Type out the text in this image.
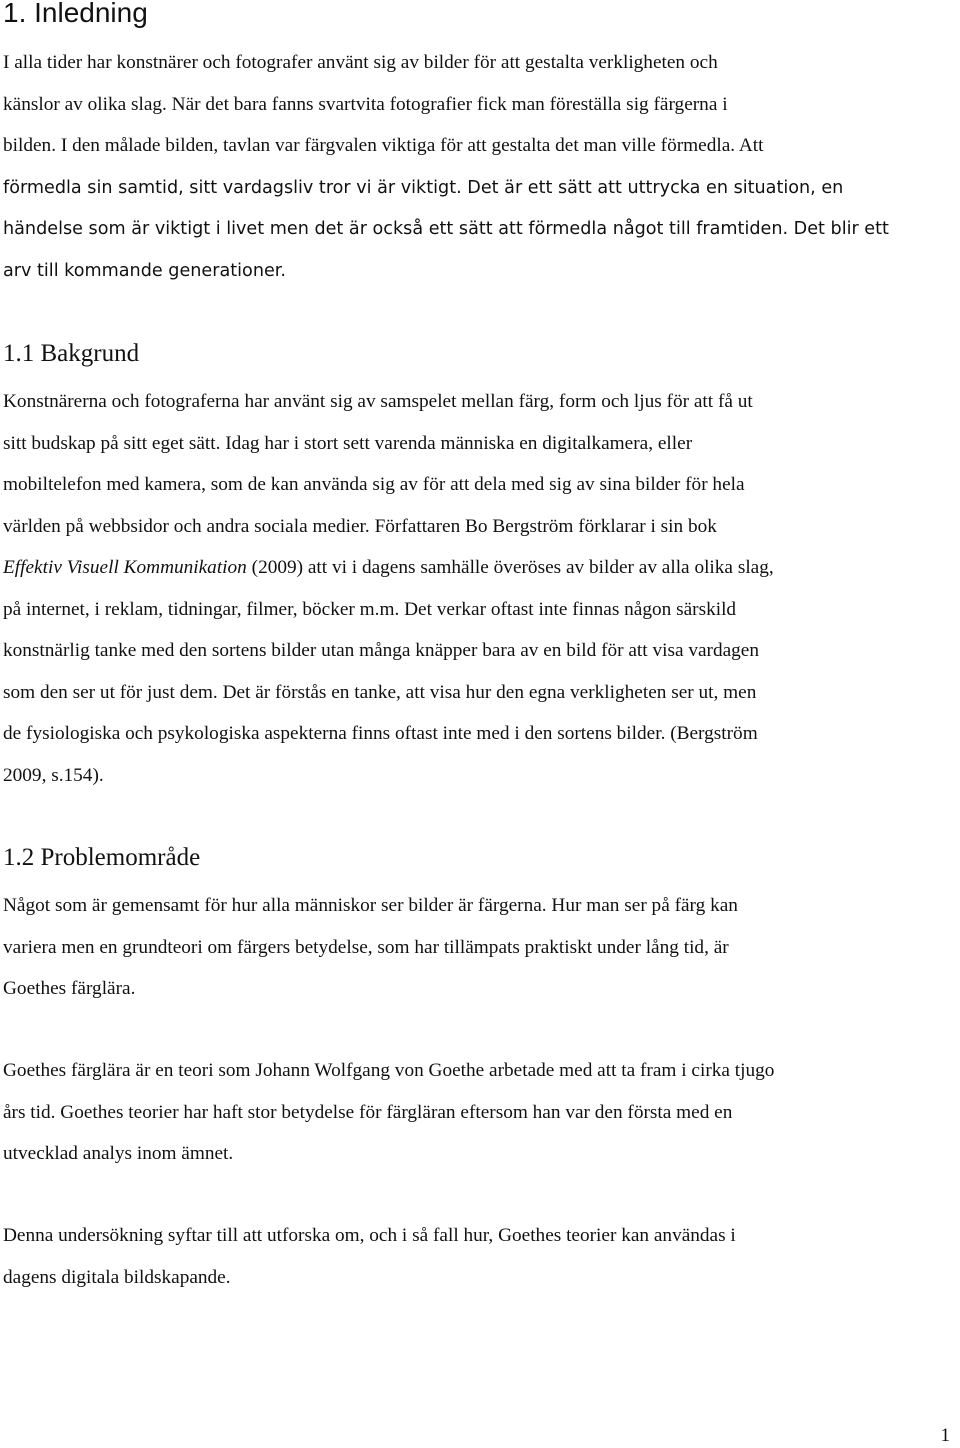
1. Inledning
I alla tider har konstnärer och fotografer använt sig av bilder för att gestalta verkligheten och
känslor av olika slag. När det bara fanns svartvita fotografier fick man föreställa sig färgerna i
bilden. I den målade bilden, tavlan var färgvalen viktiga för att gestalta det man ville förmedla. Att
förmedla sin samtid, sitt vardagsliv tror vi är viktigt. Det är ett sätt att uttrycka en situation, en
händelse som är viktigt i livet men det är också ett sätt att förmedla något till framtiden. Det blir ett
arv till kommande generationer.
1.1 Bakgrund
Konstnärerna och fotograferna har använt sig av samspelet mellan färg, form och ljus för att få ut
sitt budskap på sitt eget sätt. Idag har i stort sett varenda människa en digitalkamera, eller
mobiltelefon med kamera, som de kan använda sig av för att dela med sig av sina bilder för hela
världen på webbsidor och andra sociala medier. Författaren Bo Bergström förklarar i sin bok
Effektiv Visuell Kommunikation (2009) att vi i dagens samhälle överöses av bilder av alla olika slag,
på internet, i reklam, tidningar, filmer, böcker m.m. Det verkar oftast inte finnas någon särskild
konstnärlig tanke med den sortens bilder utan många knäpper bara av en bild för att visa vardagen
som den ser ut för just dem. Det är förstås en tanke, att visa hur den egna verkligheten ser ut, men
de fysiologiska och psykologiska aspekterna finns oftast inte med i den sortens bilder. (Bergström
2009, s.154).
1.2 Problemområde
Något som är gemensamt för hur alla människor ser bilder är färgerna. Hur man ser på färg kan
variera men en grundteori om färgers betydelse, som har tillämpats praktiskt under lång tid, är
Goethes färglära.
Goethes färglära är en teori som Johann Wolfgang von Goethe arbetade med att ta fram i cirka tjugo
års tid. Goethes teorier har haft stor betydelse för färgläran eftersom han var den första med en
utvecklad analys inom ämnet.
Denna undersökning syftar till att utforska om, och i så fall hur, Goethes teorier kan användas i
dagens digitala bildskapande.

1
